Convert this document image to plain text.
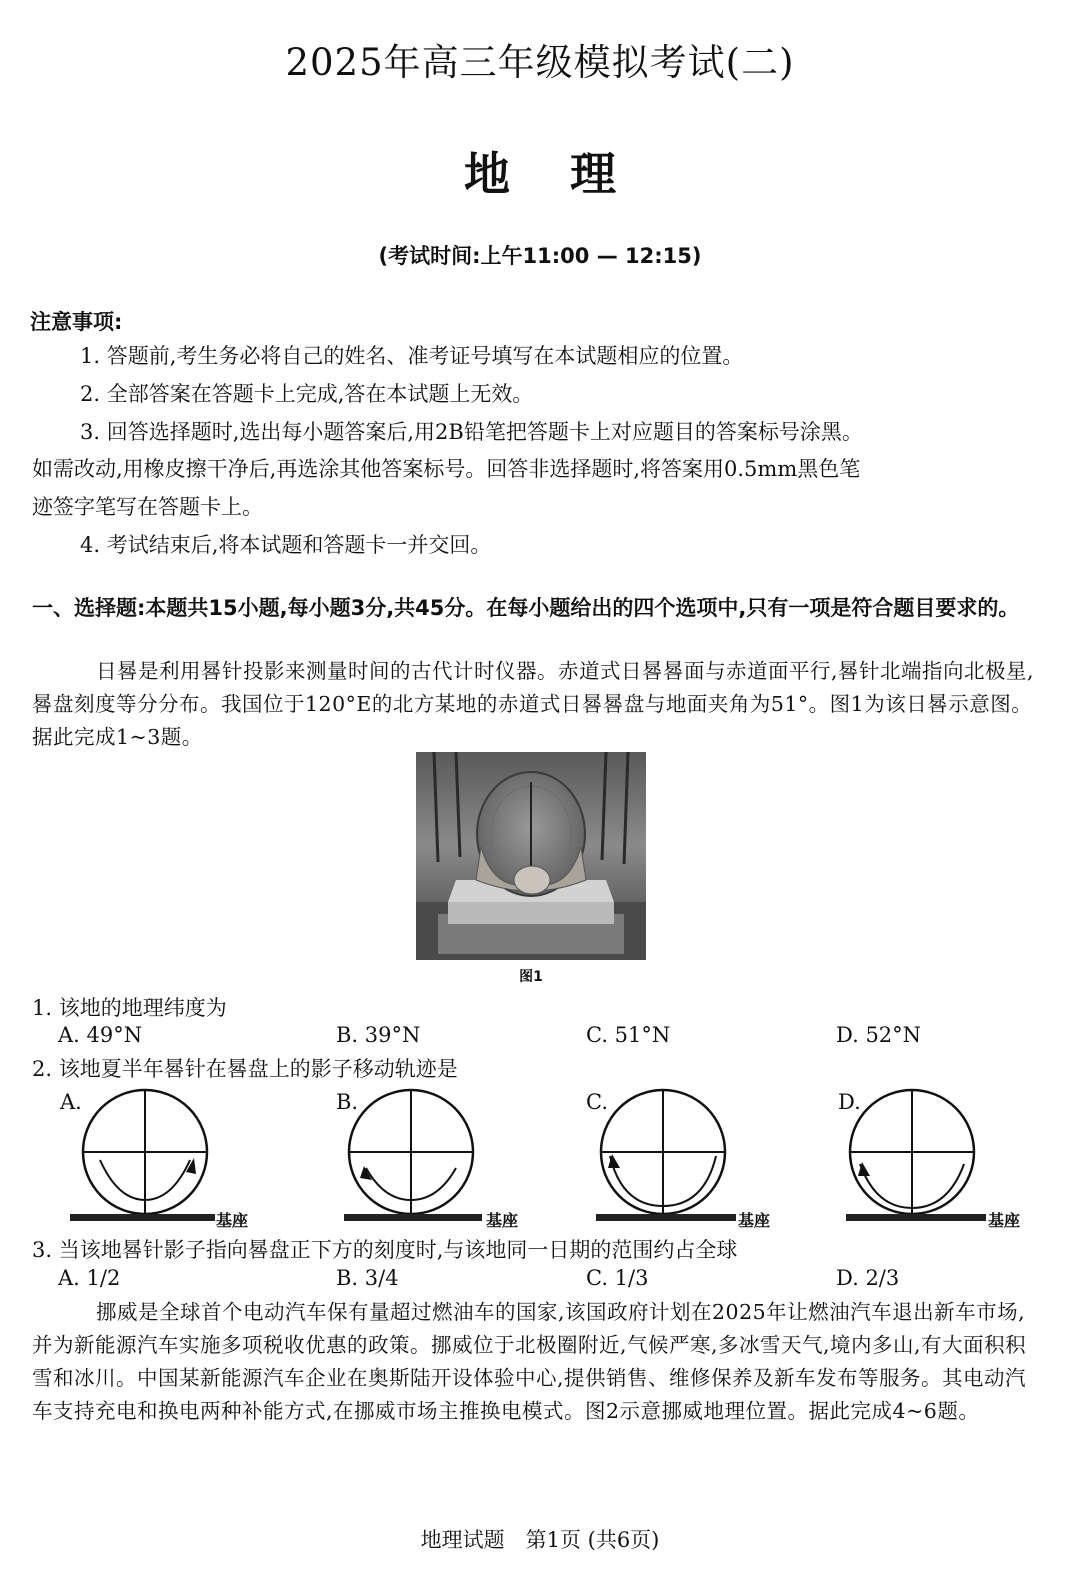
2025年高三年级模拟考试(二)
地理
(考试时间:上午11:00 — 12:15)
注意事项:
1. 答题前,考生务必将自己的姓名、准考证号填写在本试题相应的位置。
2. 全部答案在答题卡上完成,答在本试题上无效。
3. 回答选择题时,选出每小题答案后,用2B铅笔把答题卡上对应题目的答案标号涂黑。
如需改动,用橡皮擦干净后,再选涂其他答案标号。回答非选择题时,将答案用0.5mm黑色笔
迹签字笔写在答题卡上。
4. 考试结束后,将本试题和答题卡一并交回。
一、选择题:本题共15小题,每小题3分,共45分。在每小题给出的四个选项中,只有一项是符合题目要求的。
日晷是利用晷针投影来测量时间的古代计时仪器。赤道式日晷晷面与赤道面平行,晷针北端指向北极星,晷盘刻度等分分布。我国位于120°E的北方某地的赤道式日晷晷盘与地面夹角为51°。图1为该日晷示意图。据此完成1~3题。
图1
1. 该地的地理纬度为
A. 49°N	B. 39°N	C. 51°N	D. 52°N
2. 该地夏半年晷针在晷盘上的影子移动轨迹是
A.
基座
B.
基座
C.
基座
D.
基座
3. 当该地晷针影子指向晷盘正下方的刻度时,与该地同一日期的范围约占全球
A. 1/2	B. 3/4	C. 1/3	D. 2/3
挪威是全球首个电动汽车保有量超过燃油车的国家,该国政府计划在2025年让燃油汽车退出新车市场,并为新能源汽车实施多项税收优惠的政策。挪威位于北极圈附近,气候严寒,多冰雪天气,境内多山,有大面积积雪和冰川。中国某新能源汽车企业在奥斯陆开设体验中心,提供销售、维修保养及新车发布等服务。其电动汽车支持充电和换电两种补能方式,在挪威市场主推换电模式。图2示意挪威地理位置。据此完成4~6题。
地理试题　第1页 (共6页)
